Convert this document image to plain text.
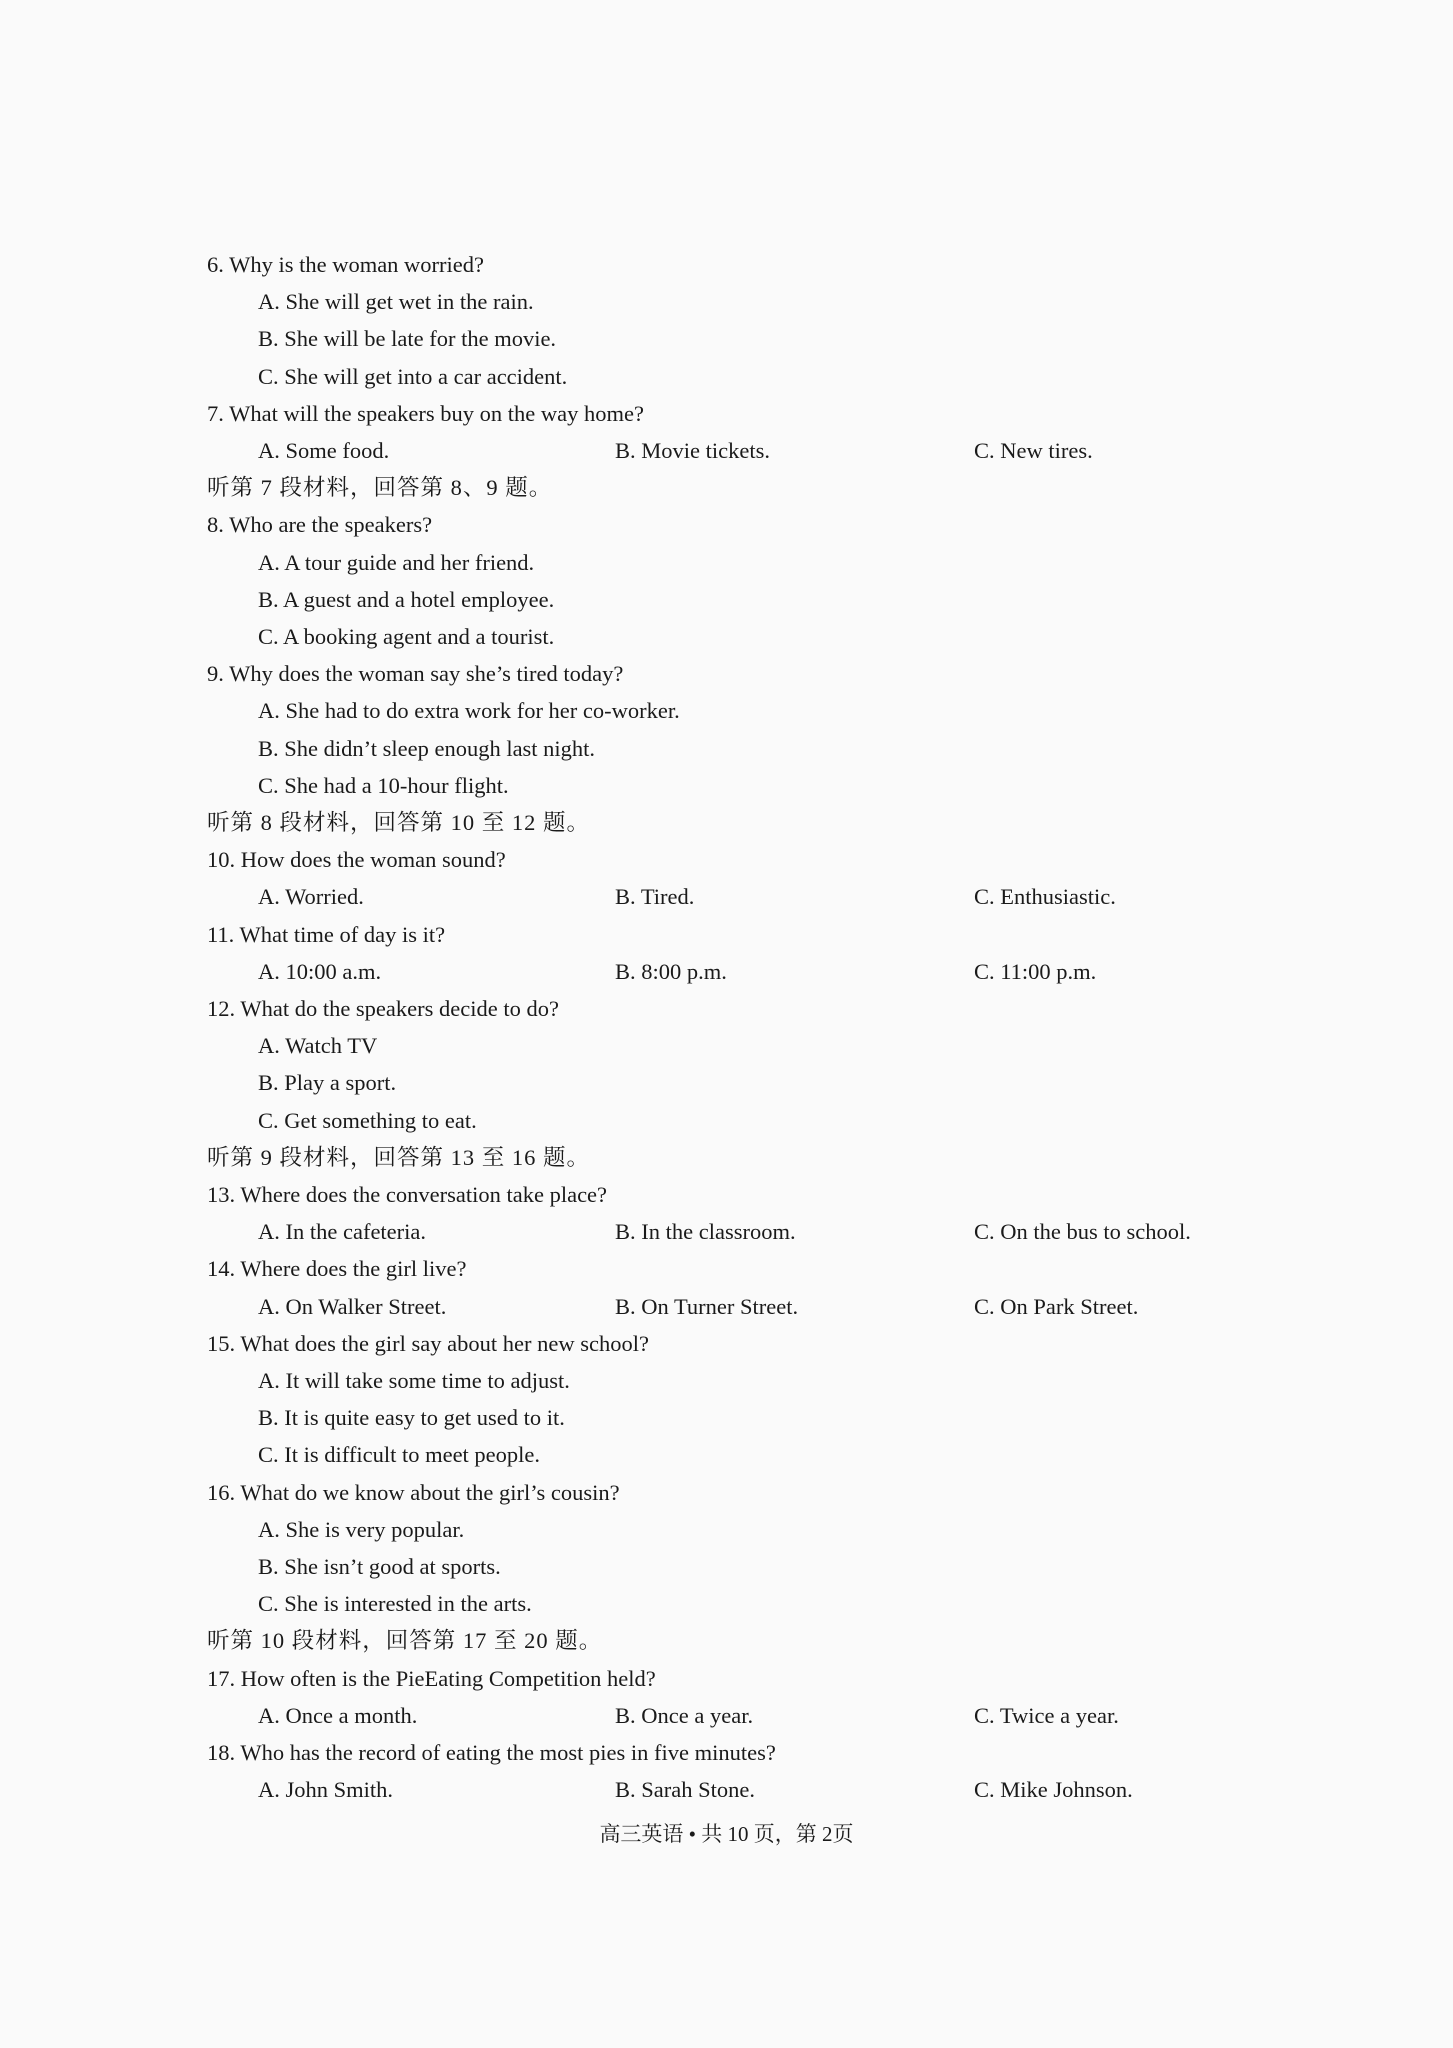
6. Why is the woman worried?
A. She will get wet in the rain.
B. She will be late for the movie.
C. She will get into a car accident.
7. What will the speakers buy on the way home?
A. Some food.	B. Movie tickets.	C. New tires.
听第 7 段材料，回答第 8、9 题。
8. Who are the speakers?
A. A tour guide and her friend.
B. A guest and a hotel employee.
C. A booking agent and a tourist.
9. Why does the woman say she’s tired today?
A. She had to do extra work for her co-worker.
B. She didn’t sleep enough last night.
C. She had a 10-hour flight.
听第 8 段材料，回答第 10 至 12 题。
10. How does the woman sound?
A. Worried.	B. Tired.	C. Enthusiastic.
11. What time of day is it?
A. 10:00 a.m.	B. 8:00 p.m.	C. 11:00 p.m.
12. What do the speakers decide to do?
A. Watch TV
B. Play a sport.
C. Get something to eat.
听第 9 段材料，回答第 13 至 16 题。
13. Where does the conversation take place?
A. In the cafeteria.	B. In the classroom.	C. On the bus to school.
14. Where does the girl live?
A. On Walker Street.	B. On Turner Street.	C. On Park Street.
15. What does the girl say about her new school?
A. It will take some time to adjust.
B. It is quite easy to get used to it.
C. It is difficult to meet people.
16. What do we know about the girl’s cousin?
A. She is very popular.
B. She isn’t good at sports.
C. She is interested in the arts.
听第 10 段材料，回答第 17 至 20 题。
17. How often is the PieEating Competition held?
A. Once a month.	B. Once a year.	C. Twice a year.
18. Who has the record of eating the most pies in five minutes?
A. John Smith.	B. Sarah Stone.	C. Mike Johnson.
高三英语 • 共 10 页，第 2页
